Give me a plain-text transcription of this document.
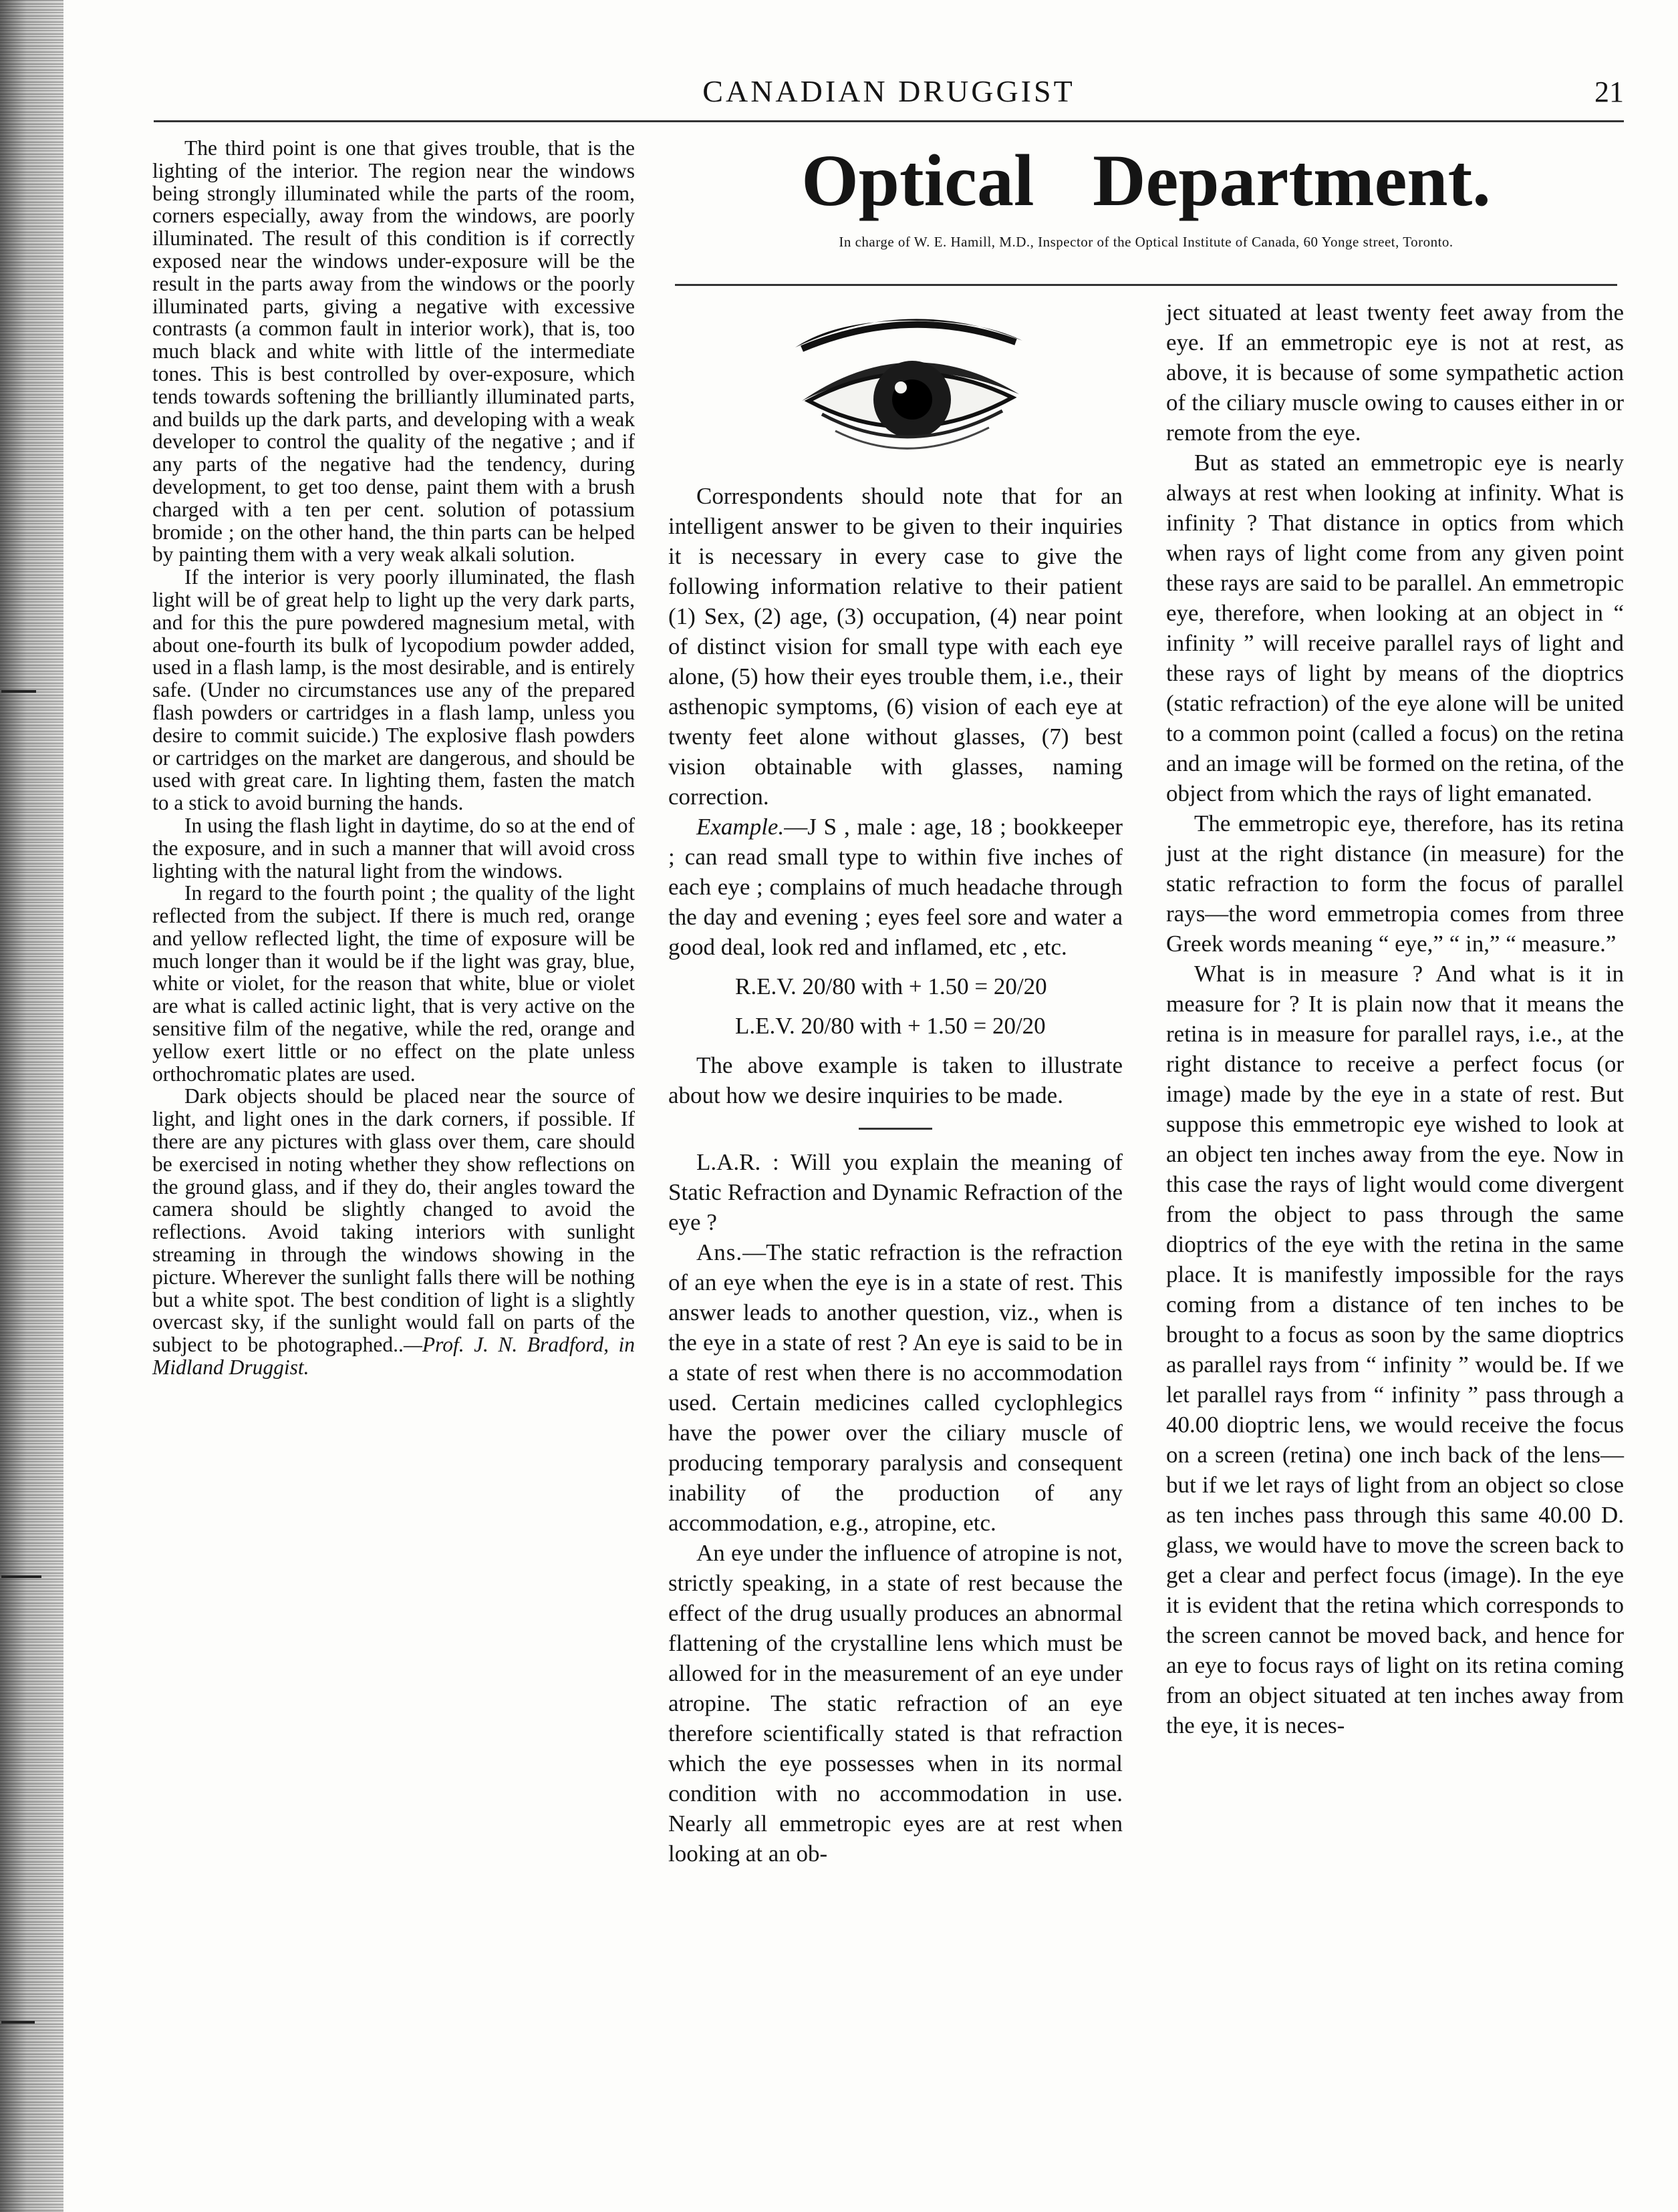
CANADIAN DRUGGIST	21

The third point is one that gives trouble, that is the lighting of the interior. The region near the windows being strongly illuminated while the parts of the room, corners especially, away from the windows, are poorly illuminated. The result of this condition is if correctly exposed near the windows under-exposure will be the result in the parts away from the windows or the poorly illuminated parts, giving a negative with excessive contrasts (a common fault in interior work), that is, too much black and white with little of the intermediate tones. This is best controlled by over-exposure, which tends towards softening the brilliantly illuminated parts, and builds up the dark parts, and developing with a weak developer to control the quality of the negative ; and if any parts of the negative had the tendency, during development, to get too dense, paint them with a brush charged with a ten per cent. solution of potassium bromide ; on the other hand, the thin parts can be helped by painting them with a very weak alkali solution.

If the interior is very poorly illuminated, the flash light will be of great help to light up the very dark parts, and for this the pure powdered magnesium metal, with about one-fourth its bulk of lycopodium powder added, used in a flash lamp, is the most desirable, and is entirely safe. (Under no circumstances use any of the prepared flash powders or cartridges in a flash lamp, unless you desire to commit suicide.) The explosive flash powders or cartridges on the market are dangerous, and should be used with great care. In lighting them, fasten the match to a stick to avoid burning the hands.

In using the flash light in daytime, do so at the end of the exposure, and in such a manner that will avoid cross lighting with the natural light from the windows.

In regard to the fourth point ; the quality of the light reflected from the subject. If there is much red, orange and yellow reflected light, the time of exposure will be much longer than it would be if the light was gray, blue, white or violet, for the reason that white, blue or violet are what is called actinic light, that is very active on the sensitive film of the negative, while the red, orange and yellow exert little or no effect on the plate unless orthochromatic plates are used.

Dark objects should be placed near the source of light, and light ones in the dark corners, if possible. If there are any pictures with glass over them, care should be exercised in noting whether they show reflections on the ground glass, and if they do, their angles toward the camera should be slightly changed to avoid the reflections. Avoid taking interiors with sunlight streaming in through the windows showing in the picture. Wherever the sunlight falls there will be nothing but a white spot. The best condition of light is a slightly overcast sky, if the sunlight would fall on parts of the subject to be photographed..—Prof. J. N. Bradford, in Midland Druggist.

Optical Department.
In charge of W. E. Hamill, M.D., Inspector of the Optical Institute of Canada, 60 Yonge street, Toronto.

Correspondents should note that for an intelligent answer to be given to their inquiries it is necessary in every case to give the following information relative to their patient (1) Sex, (2) age, (3) occupation, (4) near point of distinct vision for small type with each eye alone, (5) how their eyes trouble them, i.e., their asthenopic symptoms, (6) vision of each eye at twenty feet alone without glasses, (7) best vision obtainable with glasses, naming correction.

Example.—J S , male : age, 18 ; bookkeeper ; can read small type to within five inches of each eye ; complains of much headache through the day and evening ; eyes feel sore and water a good deal, look red and inflamed, etc , etc.

R.E.V. 20/80 with + 1.50 = 20/20

L.E.V. 20/80 with + 1.50 = 20/20

The above example is taken to illustrate about how we desire inquiries to be made.

L.A.R. : Will you explain the meaning of Static Refraction and Dynamic Refraction of the eye ?

Ans.—The static refraction is the refraction of an eye when the eye is in a state of rest. This answer leads to another question, viz., when is the eye in a state of rest ? An eye is said to be in a state of rest when there is no accommodation used. Certain medicines called cyclophlegics have the power over the ciliary muscle of producing temporary paralysis and consequent inability of the production of any accommodation, e.g., atropine, etc.

An eye under the influence of atropine is not, strictly speaking, in a state of rest because the effect of the drug usually produces an abnormal flattening of the crystalline lens which must be allowed for in the measurement of an eye under atropine. The static refraction of an eye therefore scientifically stated is that refraction which the eye possesses when in its normal condition with no accommodation in use. Nearly all emmetropic eyes are at rest when looking at an ob-

ject situated at least twenty feet away from the eye. If an emmetropic eye is not at rest, as above, it is because of some sympathetic action of the ciliary muscle owing to causes either in or remote from the eye.

But as stated an emmetropic eye is nearly always at rest when looking at infinity. What is infinity ? That distance in optics from which when rays of light come from any given point these rays are said to be parallel. An emmetropic eye, therefore, when looking at an object in “ infinity ” will receive parallel rays of light and these rays of light by means of the dioptrics (static refraction) of the eye alone will be united to a common point (called a focus) on the retina and an image will be formed on the retina, of the object from which the rays of light emanated.

The emmetropic eye, therefore, has its retina just at the right distance (in measure) for the static refraction to form the focus of parallel rays—the word emmetropia comes from three Greek words meaning “ eye,” “ in,” “ measure.”

What is in measure ? And what is it in measure for ? It is plain now that it means the retina is in measure for parallel rays, i.e., at the right distance to receive a perfect focus (or image) made by the eye in a state of rest. But suppose this emmetropic eye wished to look at an object ten inches away from the eye. Now in this case the rays of light would come divergent from the object to pass through the same dioptrics of the eye with the retina in the same place. It is manifestly impossible for the rays coming from a distance of ten inches to be brought to a focus as soon by the same dioptrics as parallel rays from “ infinity ” would be. If we let parallel rays from “ infinity ” pass through a 40.00 dioptric lens, we would receive the focus on a screen (retina) one inch back of the lens—but if we let rays of light from an object so close as ten inches pass through this same 40.00 D. glass, we would have to move the screen back to get a clear and perfect focus (image). In the eye it is evident that the retina which corresponds to the screen cannot be moved back, and hence for an eye to focus rays of light on its retina coming from an object situated at ten inches away from the eye, it is neces-
